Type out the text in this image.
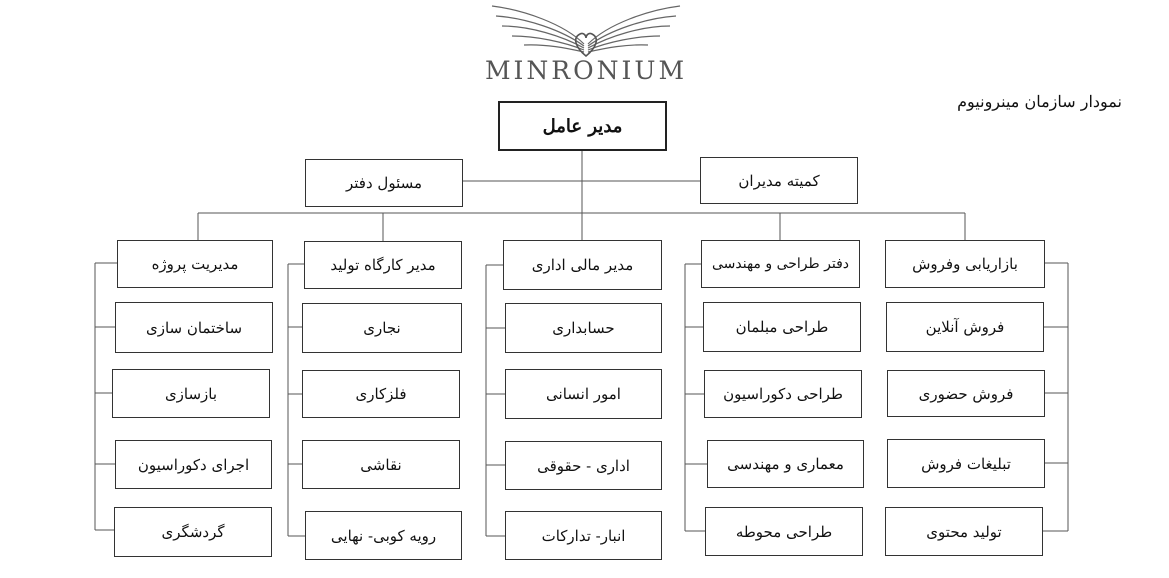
MINRONIUM
نمودار سازمان مینرونیوم
مدیر عامل
مسئول دفتر	کمیته مدیران
بازاریابی وفروش
فروش آنلاین
فروش حضوری
تبلیغات فروش
تولید محتوی
دفتر طراحی و مهندسی
طراحی مبلمان
طراحی دکوراسیون
معماری و مهندسی
طراحی محوطه
مدیر مالی اداری
حسابداری
امور انسانی
اداری - حقوقی
انبار- تدارکات
مدیر کارگاه تولید
نجاری
فلزکاری
نقاشی
رویه کوبی- نهایی
مدیریت پروژه
ساختمان سازی
بازسازی
اجرای دکوراسیون
گردشگری
